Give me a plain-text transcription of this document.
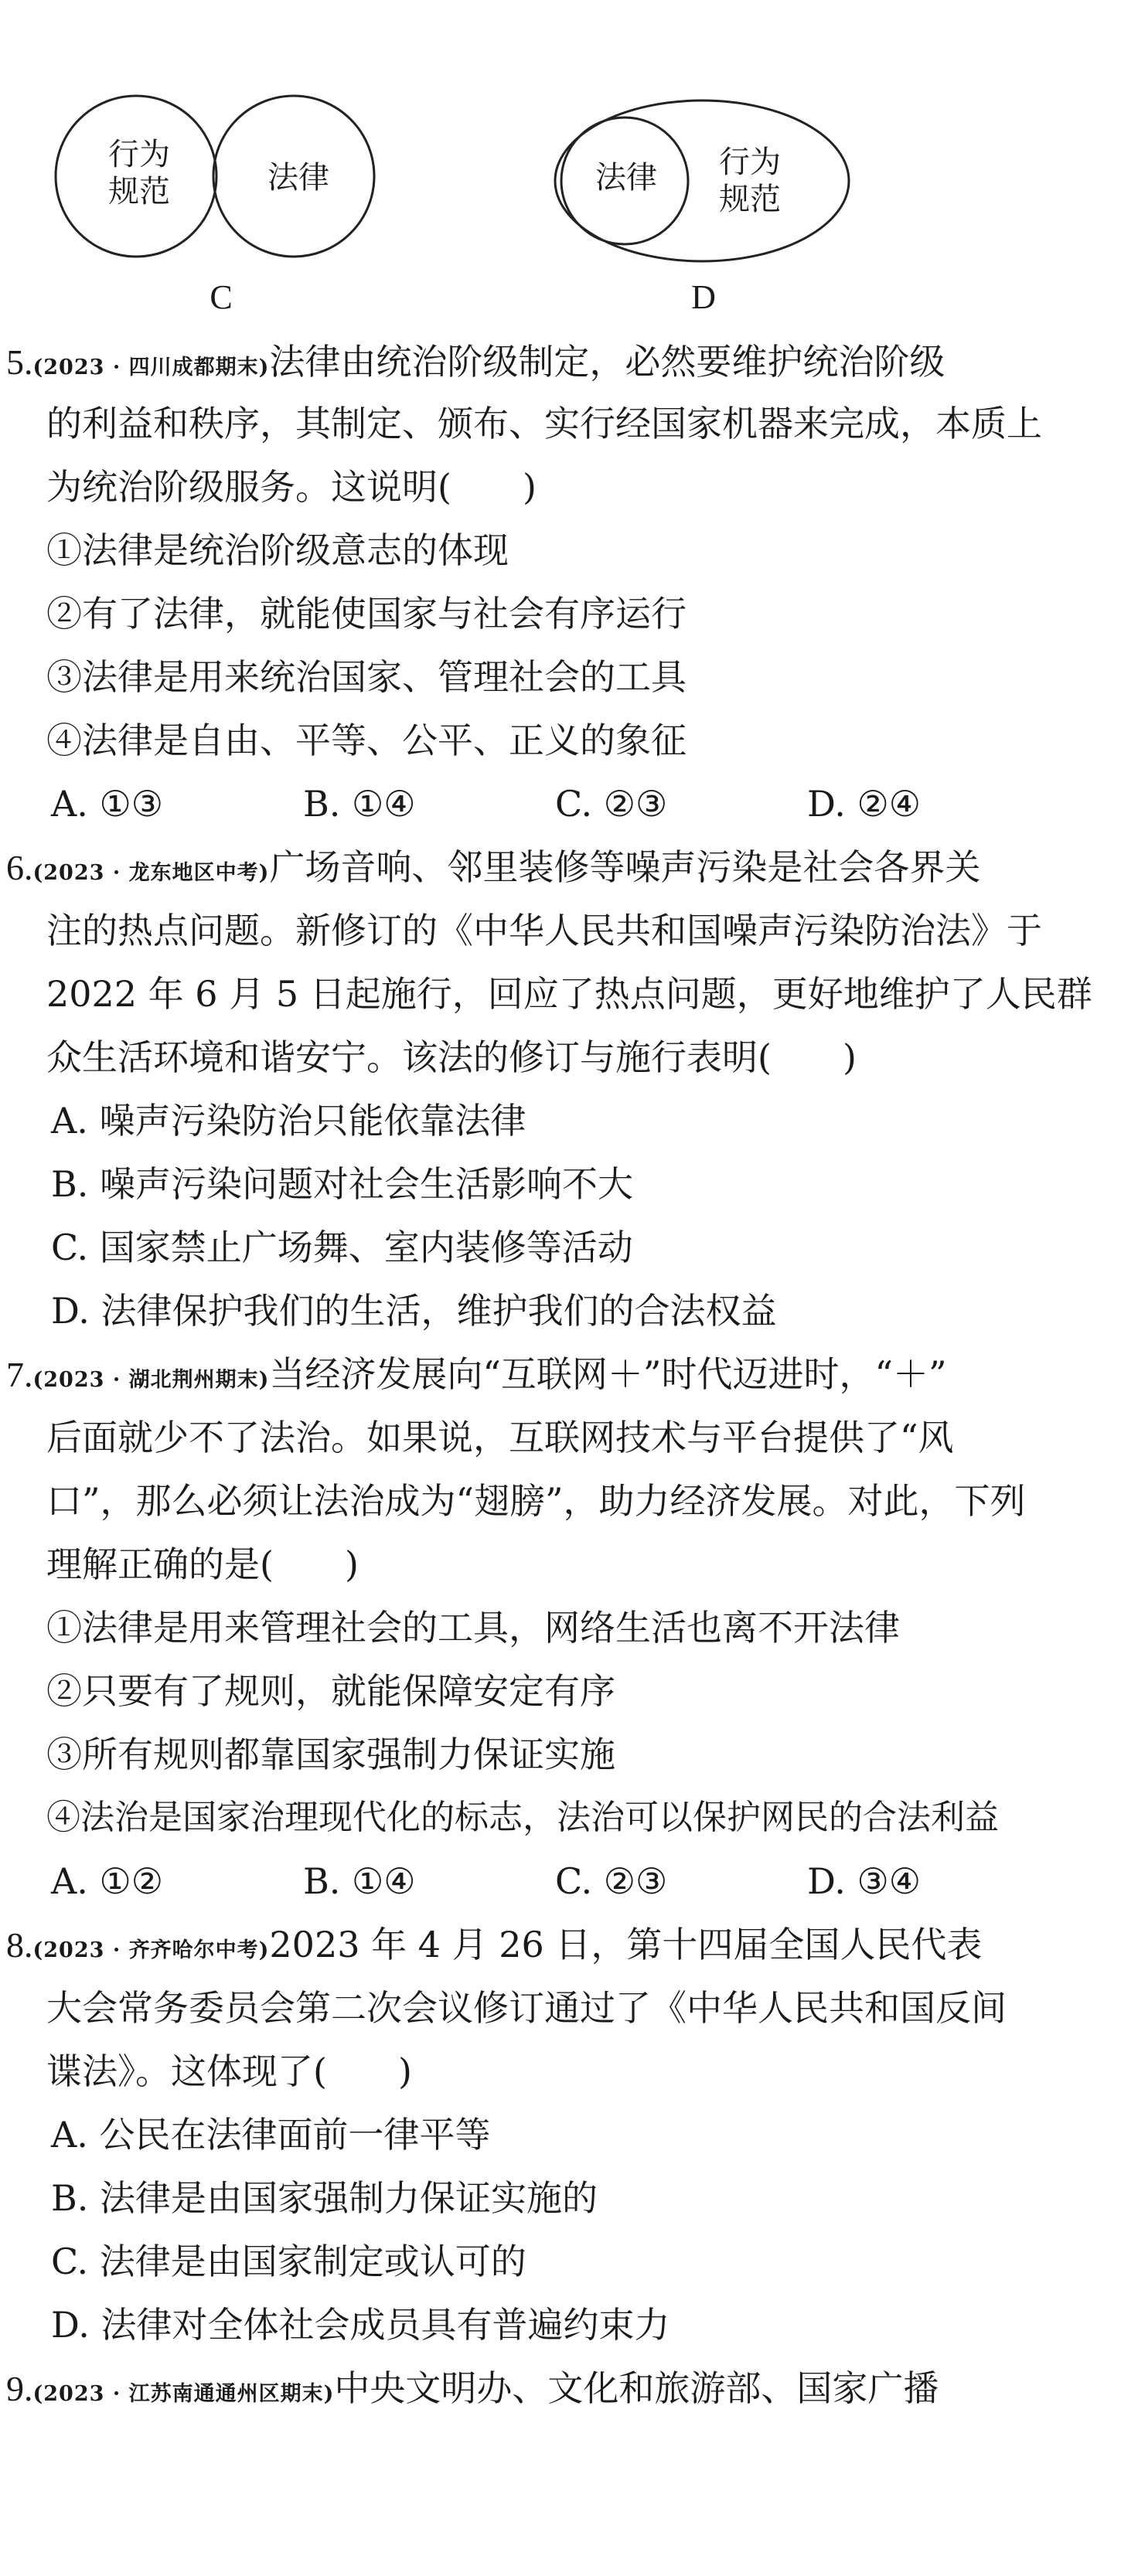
行为
规范	法律
C
法律 行为
规范
D
5.(2023 · 四川成都期末)法律由统治阶级制定，必然要维护统治阶级
的利益和秩序，其制定、颁布、实行经国家机器来完成，本质上
为统治阶级服务。这说明(　　)
①法律是统治阶级意志的体现
②有了法律，就能使国家与社会有序运行
③法律是用来统治国家、管理社会的工具
④法律是自由、平等、公平、正义的象征
A. ①③	B. ①④	C. ②③	D. ②④
6.(2023 · 龙东地区中考)广场音响、邻里装修等噪声污染是社会各界关
注的热点问题。新修订的《中华人民共和国噪声污染防治法》于
2022 年 6 月 5 日起施行，回应了热点问题，更好地维护了人民群
众生活环境和谐安宁。该法的修订与施行表明(　　)
A. 噪声污染防治只能依靠法律
B. 噪声污染问题对社会生活影响不大
C. 国家禁止广场舞、室内装修等活动
D. 法律保护我们的生活，维护我们的合法权益
7.(2023 · 湖北荆州期末)当经济发展向“互联网＋”时代迈进时，“＋”
后面就少不了法治。如果说，互联网技术与平台提供了“风
口”，那么必须让法治成为“翅膀”，助力经济发展。对此，下列
理解正确的是(　　)
①法律是用来管理社会的工具，网络生活也离不开法律
②只要有了规则，就能保障安定有序
③所有规则都靠国家强制力保证实施
④法治是国家治理现代化的标志，法治可以保护网民的合法利益
A. ①②	B. ①④	C. ②③	D. ③④
8.(2023 · 齐齐哈尔中考)2023 年 4 月 26 日，第十四届全国人民代表
大会常务委员会第二次会议修订通过了《中华人民共和国反间
谍法》。这体现了(　　)
A. 公民在法律面前一律平等
B. 法律是由国家强制力保证实施的
C. 法律是由国家制定或认可的
D. 法律对全体社会成员具有普遍约束力
9.(2023 · 江苏南通通州区期末)中央文明办、文化和旅游部、国家广播
